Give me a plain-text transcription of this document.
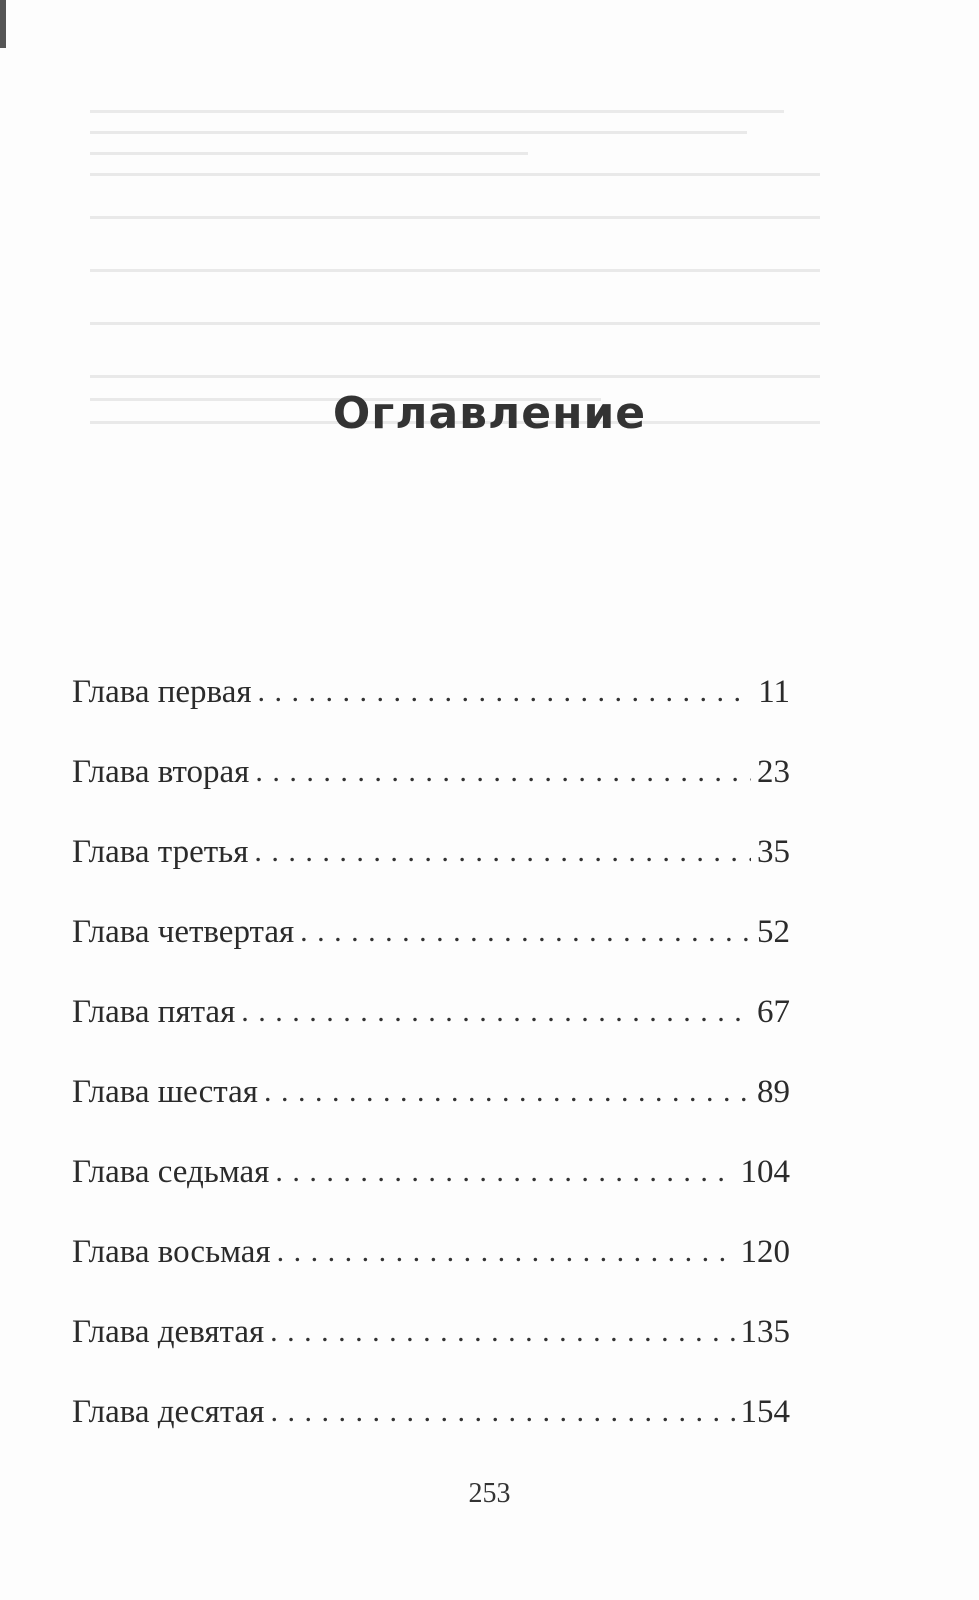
Оглавление
Глава первая . . .	11
Глава вторая . . .	23
Глава третья . . .	35
Глава четвертая . . .	52
Глава пятая . . .	67
Глава шестая . . .	89
Глава седьмая . . .	104
Глава восьмая . . .	120
Глава девятая . . .	135
Глава десятая . . .	154
253
